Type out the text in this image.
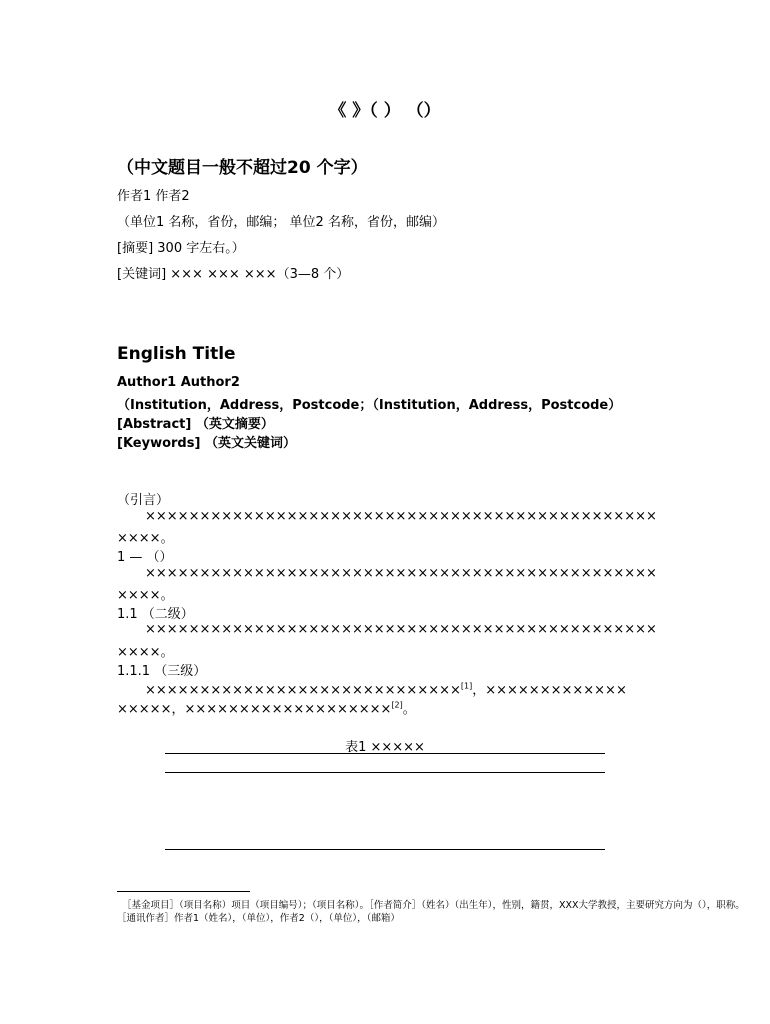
《 》（ ） （）
（中文题目一般不超过20 个字）
作者1 作者2
（单位1 名称，省份，邮编； 单位2 名称，省份，邮编）
[摘要] 300 字左右。）
[关键词] ××× ××× ×××（3—8 个）
English Title
Author1 Author2
（Institution，Address，Postcode；（Institution，Address，Postcode）
[Abstract] （英文摘要）
[Keywords] （英文关键词）
（引言）
×××××××××××××××××××××××××××××××××××××××××××××××
××××。
1 — （）
×××××××××××××××××××××××××××××××××××××××××××××××
××××。
1.1 （二级）
×××××××××××××××××××××××××××××××××××××××××××××××
××××。
1.1.1 （三级）
×××××××××××××××××××××××××××××[1]，×××××××××××××
×××××，×××××××××××××××××××[2]。
表1 ×××××
［基金项目］（项目名称）项目（项目编号）；（项目名称）。［作者简介］（姓名）（出生年），性别，籍贯，XXX大学教授，主要研究方向为（），职称。
［通讯作者］作者1（姓名），（单位），作者2（），（单位），（邮箱）
